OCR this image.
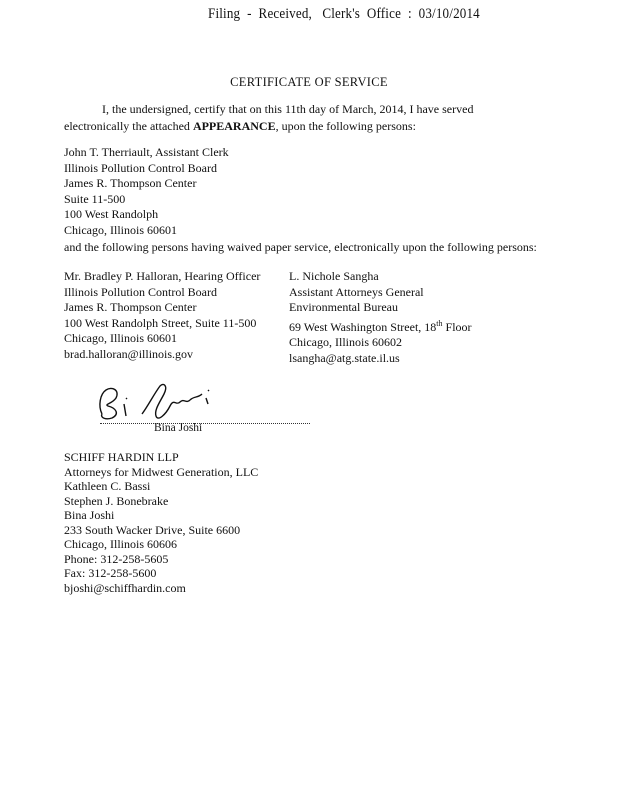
Filing  -  Received,   Clerk's  Office  :  03/10/2014
CERTIFICATE OF SERVICE
I, the undersigned, certify that on this 11th day of March, 2014, I have served electronically the attached APPEARANCE, upon the following persons:
John T. Therriault, Assistant Clerk
Illinois Pollution Control Board
James R. Thompson Center
Suite 11-500
100 West Randolph
Chicago, Illinois 60601
and the following persons having waived paper service, electronically upon the following persons:
Mr. Bradley P. Halloran, Hearing Officer
Illinois Pollution Control Board
James R. Thompson Center
100 West Randolph Street, Suite 11-500
Chicago, Illinois 60601
brad.halloran@illinois.gov
L. Nichole Sangha
Assistant Attorneys General
Environmental Bureau
69 West Washington Street, 18th Floor
Chicago, Illinois 60602
lsangha@atg.state.il.us
Bina Joshi
SCHIFF HARDIN LLP
Attorneys for Midwest Generation, LLC
Kathleen C. Bassi
Stephen J. Bonebrake
Bina Joshi
233 South Wacker Drive, Suite 6600
Chicago, Illinois 60606
Phone: 312-258-5605
Fax: 312-258-5600
bjoshi@schiffhardin.com
